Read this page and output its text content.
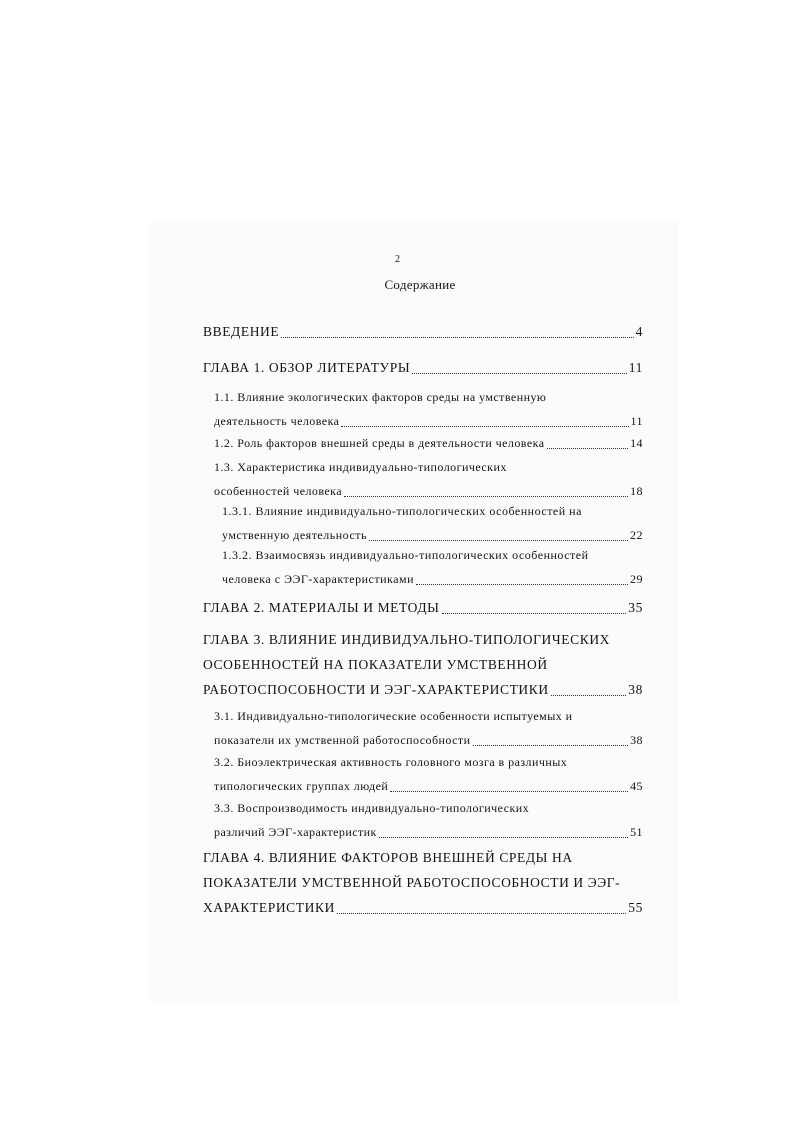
2
Содержание
ВВЕДЕНИЕ	4
ГЛАВА 1. ОБЗОР ЛИТЕРАТУРЫ	11
1.1. Влияние экологических факторов среды на умственную
деятельность человека	11
1.2. Роль факторов внешней среды в деятельности человека	14
1.3. Характеристика индивидуально-типологических
особенностей человека	18
1.3.1. Влияние индивидуально-типологических особенностей на
умственную деятельность	22
1.3.2. Взаимосвязь индивидуально-типологических особенностей
человека с ЭЭГ-характеристиками	29
ГЛАВА 2. МАТЕРИАЛЫ И МЕТОДЫ	35
ГЛАВА 3. ВЛИЯНИЕ ИНДИВИДУАЛЬНО-ТИПОЛОГИЧЕСКИХ
ОСОБЕННОСТЕЙ НА ПОКАЗАТЕЛИ УМСТВЕННОЙ
РАБОТОСПОСОБНОСТИ И ЭЭГ-ХАРАКТЕРИСТИКИ	38
3.1. Индивидуально-типологические особенности испытуемых и
показатели их умственной работоспособности	38
3.2. Биоэлектрическая активность головного мозга в различных
типологических группах людей	45
3.3. Воспроизводимость индивидуально-типологических
различий ЭЭГ-характеристик	51
ГЛАВА 4. ВЛИЯНИЕ ФАКТОРОВ ВНЕШНЕЙ СРЕДЫ НА
ПОКАЗАТЕЛИ УМСТВЕННОЙ РАБОТОСПОСОБНОСТИ И ЭЭГ-
ХАРАКТЕРИСТИКИ	55
